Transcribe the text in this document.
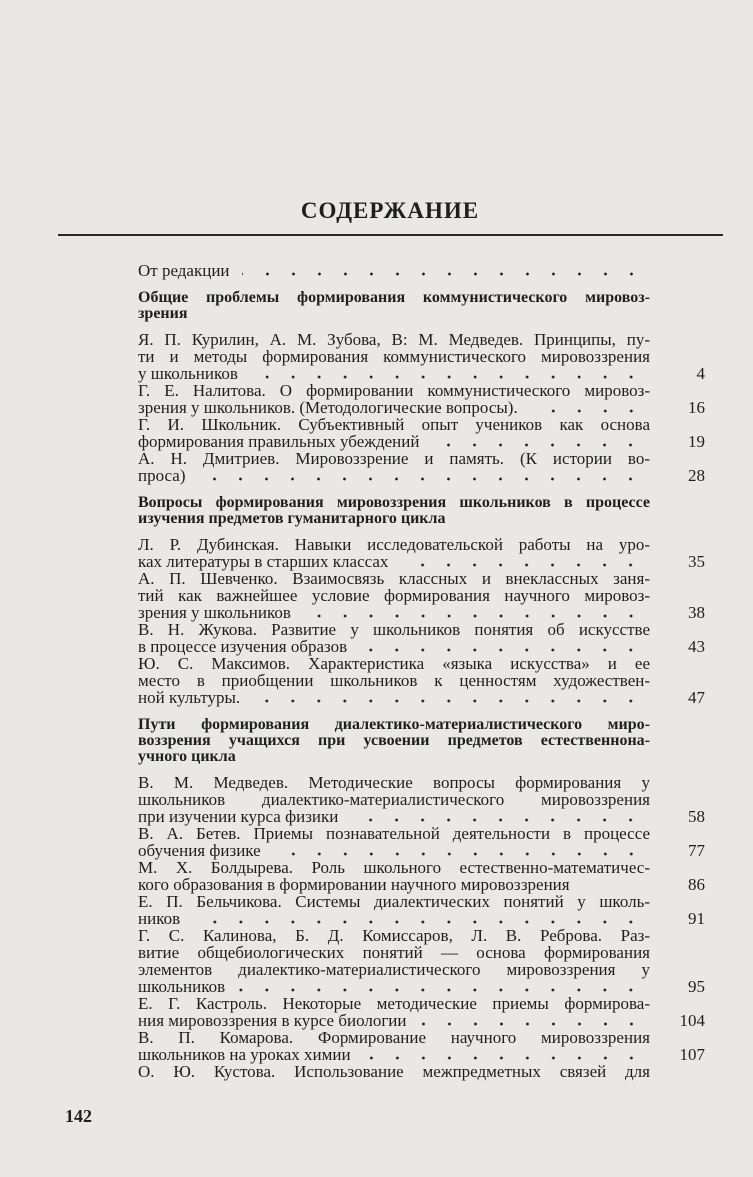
СОДЕРЖАНИЕ
От редакции
Общие проблемы формирования коммунистического мировоз-
зрения
Я. П. Курилин, А. М. Зубова, В: М. Медведев. Принципы, пу-
ти и методы формирования коммунистического мировоззрения
у школьников	4
Г. Е. Налитова. О формировании коммунистического мировоз-
зрения у школьников. (Методологические вопросы).	16
Г. И. Школьник. Субъективный опыт учеников как основа
формирования правильных убеждений	19
А. Н. Дмитриев. Мировоззрение и память. (К истории во-
проса)	28
Вопросы формирования мировоззрения школьников в процессе
изучения предметов гуманитарного цикла
Л. Р. Дубинская. Навыки исследовательской работы на уро-
ках литературы в старших классах	35
А. П. Шевченко. Взаимосвязь классных и внеклассных заня-
тий как важнейшее условие формирования научного мировоз-
зрения у школьников	38
В. Н. Жукова. Развитие у школьников понятия об искусстве
в процессе изучения образов	43
Ю. С. Максимов. Характеристика «языка искусства» и ее
место в приобщении школьников к ценностям художествен-
ной культуры.	47
Пути формирования диалектико-материалистического миро-
воззрения учащихся при усвоении предметов естественнона-
учного цикла
В. М. Медведев. Методические вопросы формирования у
школьников диалектико-материалистического мировоззрения
при изучении курса физики	58
В. А. Бетев. Приемы познавательной деятельности в процессе
обучения физике	77
М. Х. Болдырева. Роль школьного естественно-математичес-
кого образования в формировании научного мировоззрения	86
Е. П. Бельчикова. Системы диалектических понятий у школь-
ников	91
Г. С. Калинова, Б. Д. Комиссаров, Л. В. Реброва. Раз-
витие общебиологических понятий — основа формирования
элементов диалектико-материалистического мировоззрения у
школьников	95
Е. Г. Кастроль. Некоторые методические приемы формирова-
ния мировоззрения в курсе биологии	104
В. П. Комарова. Формирование научного мировоззрения
школьников на уроках химии	107
О. Ю. Кустова. Использование межпредметных связей для
142
